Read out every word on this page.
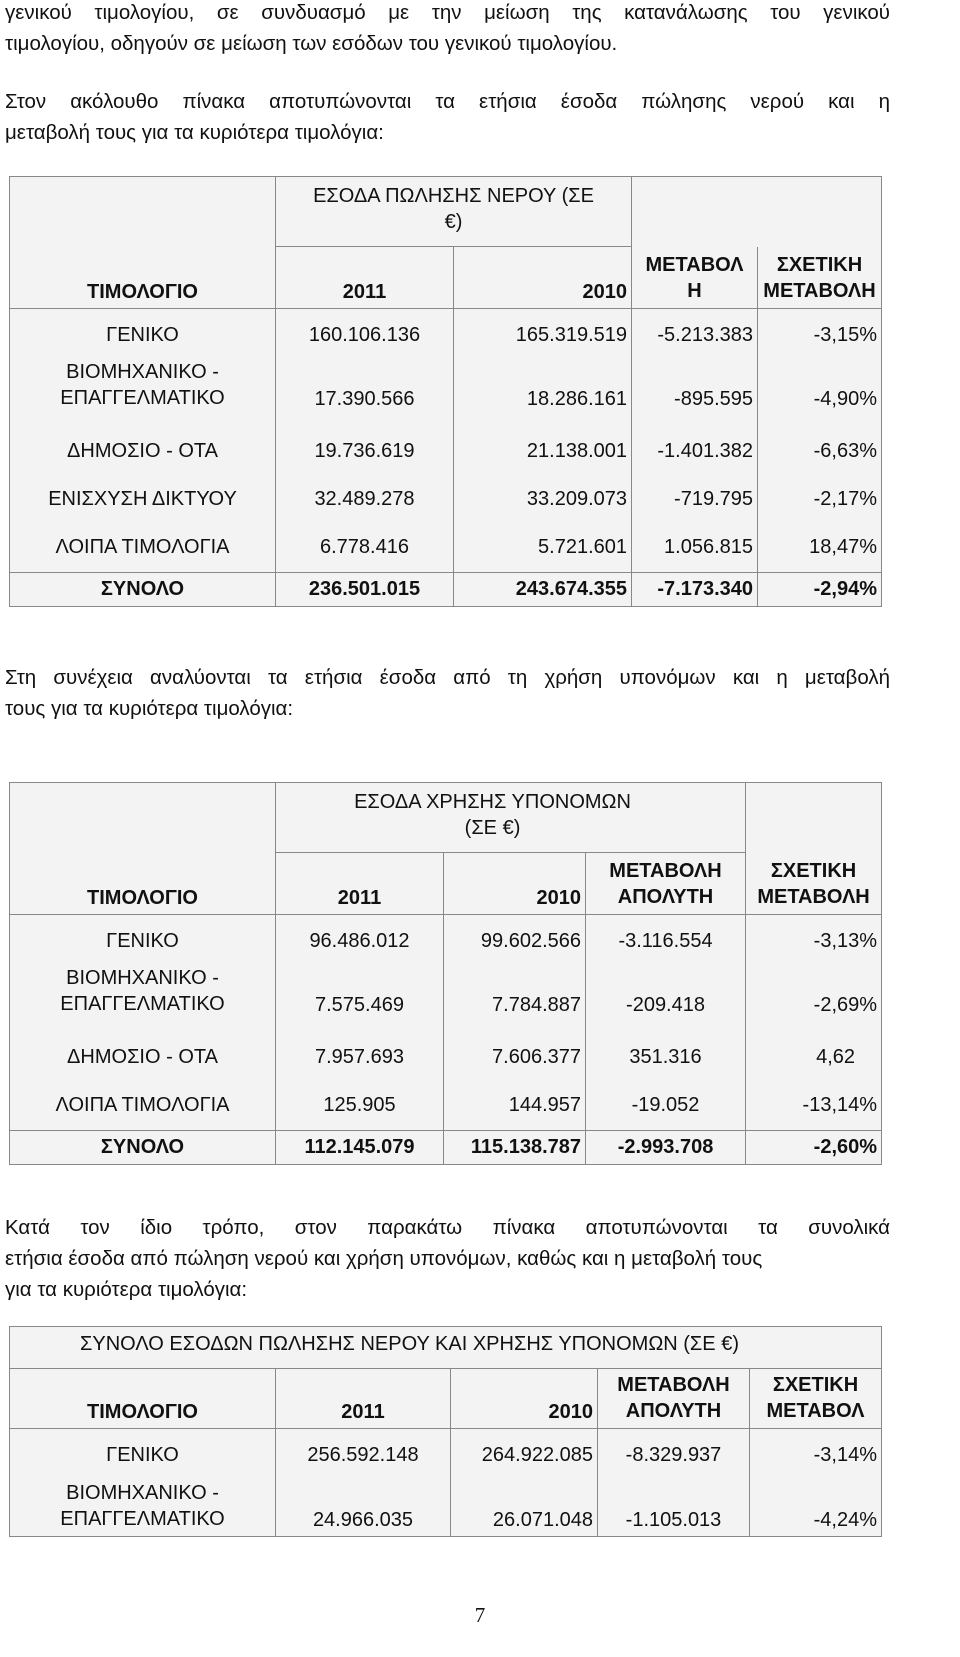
γενικού τιμολογίου, σε συνδυασμό με την μείωση της κατανάλωσης του γενικού
τιμολογίου, οδηγούν σε μείωση των εσόδων του γενικού τιμολογίου.

Στον ακόλουθο πίνακα αποτυπώνονται τα ετήσια έσοδα πώλησης νερού και η
μεταβολή τους για τα κυριότερα τιμολόγια:

	ΕΣΟΔΑ ΠΩΛΗΣΗΣ ΝΕΡΟΥ (ΣΕ
€)			
ΤΙΜΟΛΟΓΙΟ	2011	2010	ΜΕΤΑΒΟΛ Η	ΣΧΕΤΙΚΗ ΜΕΤΑΒΟΛΗ

ΓΕΝΙΚΟ	160.106.136	165.319.519	-5.213.383	-3,15%
ΒΙΟΜΗΧΑΝΙΚΟ - ΕΠΑΓΓΕΛΜΑΤΙΚΟ	17.390.566	18.286.161	-895.595	-4,90%
ΔΗΜΟΣΙΟ - ΟΤΑ	19.736.619	21.138.001	-1.401.382	-6,63%
ΕΝΙΣΧΥΣΗ ΔΙΚΤΥΟΥ	32.489.278	33.209.073	-719.795	-2,17%
ΛΟΙΠΑ ΤΙΜΟΛΟΓΙΑ	6.778.416	5.721.601	1.056.815	18,47%

ΣΥΝΟΛΟ	236.501.015	243.674.355	-7.173.340	-2,94%

Στη συνέχεια αναλύονται τα ετήσια έσοδα από τη χρήση υπονόμων και η μεταβολή
τους για τα κυριότερα τιμολόγια:

	ΕΣΟΔΑ ΧΡΗΣΗΣ ΥΠΟΝΟΜΩΝ
(ΣΕ €)			
ΤΙΜΟΛΟΓΙΟ	2011	2010	ΜΕΤΑΒΟΛΗ ΑΠΟΛΥΤΗ	ΣΧΕΤΙΚΗ ΜΕΤΑΒΟΛΗ

ΓΕΝΙΚΟ	96.486.012	99.602.566	-3.116.554	-3,13%
ΒΙΟΜΗΧΑΝΙΚΟ - ΕΠΑΓΓΕΛΜΑΤΙΚΟ	7.575.469	7.784.887	-209.418	-2,69%
ΔΗΜΟΣΙΟ - ΟΤΑ	7.957.693	7.606.377	351.316	4,62
ΛΟΙΠΑ ΤΙΜΟΛΟΓΙΑ	125.905	144.957	-19.052	-13,14%

ΣΥΝΟΛΟ	112.145.079	115.138.787	-2.993.708	-2,60%

Κατά τον ίδιο τρόπο, στον παρακάτω πίνακα αποτυπώνονται τα συνολικά
ετήσια έσοδα από πώληση νερού και χρήση υπονόμων, καθώς και η μεταβολή τους
για τα κυριότερα τιμολόγια:

ΣΥΝΟΛΟ ΕΣΟΔΩΝ ΠΩΛΗΣΗΣ ΝΕΡΟΥ ΚΑΙ ΧΡΗΣΗΣ ΥΠΟΝΟΜΩΝ (ΣΕ €)				
ΤΙΜΟΛΟΓΙΟ	2011	2010	ΜΕΤΑΒΟΛΗ ΑΠΟΛΥΤΗ	ΣΧΕΤΙΚΗ ΜΕΤΑΒΟΛ

ΓΕΝΙΚΟ	256.592.148	264.922.085	-8.329.937	-3,14%
ΒΙΟΜΗΧΑΝΙΚΟ - ΕΠΑΓΓΕΛΜΑΤΙΚΟ	24.966.035	26.071.048	-1.105.013	-4,24%
7
